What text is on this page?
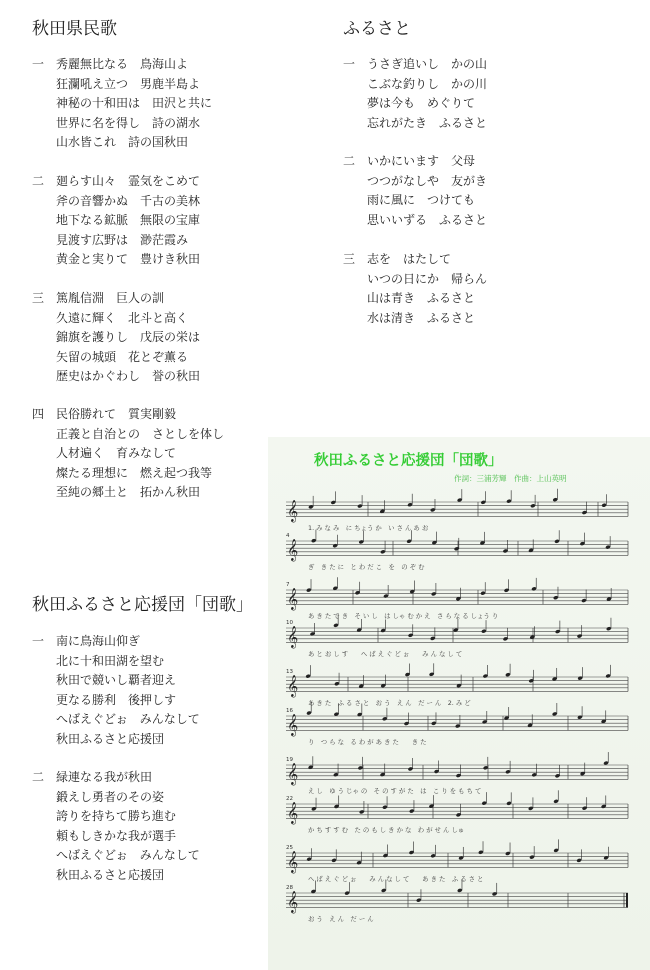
秋田県民歌
一 秀麗無比なる　鳥海山よ
狂瀾吼え立つ　男鹿半島よ
神秘の十和田は　田沢と共に
世界に名を得し　詩の湖水
山水皆これ　詩の国秋田
二 廻らす山々　霊気をこめて
斧の音響かぬ　千古の美林
地下なる鉱脈　無限の宝庫
見渡す広野は　渺茫霞み
黄金と実りて　豊けき秋田
三 篤胤信淵　巨人の訓
久遠に輝く　北斗と高く
錦旗を護りし　戊辰の栄は
矢留の城頭　花とぞ薫る
歴史はかぐわし　誉の秋田
四 民俗勝れて　質実剛毅
正義と自治との　さとしを体し
人材遍く　育みなして
燦たる理想に　燃え起つ我等
至純の郷土と　拓かん秋田
ふるさと
一 うさぎ追いし　かの山
こぶな釣りし　かの川
夢は今も　めぐりて
忘れがたき　ふるさと
二 いかにいます　父母
つつがなしや　友がき
雨に風に　つけても
思いいずる　ふるさと
三 志を　はたして
いつの日にか　帰らん
山は青き　ふるさと
水は清き　ふるさと
秋田ふるさと応援団「団歌」
一 南に鳥海山仰ぎ
北に十和田湖を望む
秋田で競いし覇者迎え
更なる勝利　後押しす
へばえぐどぉ　みんなして
秋田ふるさと応援団
二 緑連なる我が秋田
鍛えし勇者のその姿
誇りを持ちて勝ち進む
頼もしきかな我が選手
へばえぐどぉ　みんなして
秋田ふるさと応援団
秋田ふるさと応援団「団歌」
作詞：三浦芳輝　作曲：上山英明
𝄞
1. み な み　に ちょう か　い さ ん あ お
𝄞
4
ぎ　き た に　と わ だ こ　を　の ぞ む
𝄞
7
あ き た で き　そ い し　は しゃ む か え　さ ら な る しょう り
𝄞
10
あ と お し す　　へ ば え ぐ ど ぉ　　み ん な し て
𝄞
13
あ き た　ふ る さ と　お う　え ん　だ ー ん　2. み ど
𝄞
16
り　つ ら な　る わ が あ き た　　き た
𝄞
19
え し　ゆ う じゃ の　そ の す が た　は　こ り を も ち て
𝄞
22
か ち す す む　た の も し き か な　わ が せ ん しゅ
𝄞
25
へ ば え ぐ ど ぉ　　み ん な し て　　あ き た　ふ る さ と
𝄞
28
お う　え ん　だ ー ん
